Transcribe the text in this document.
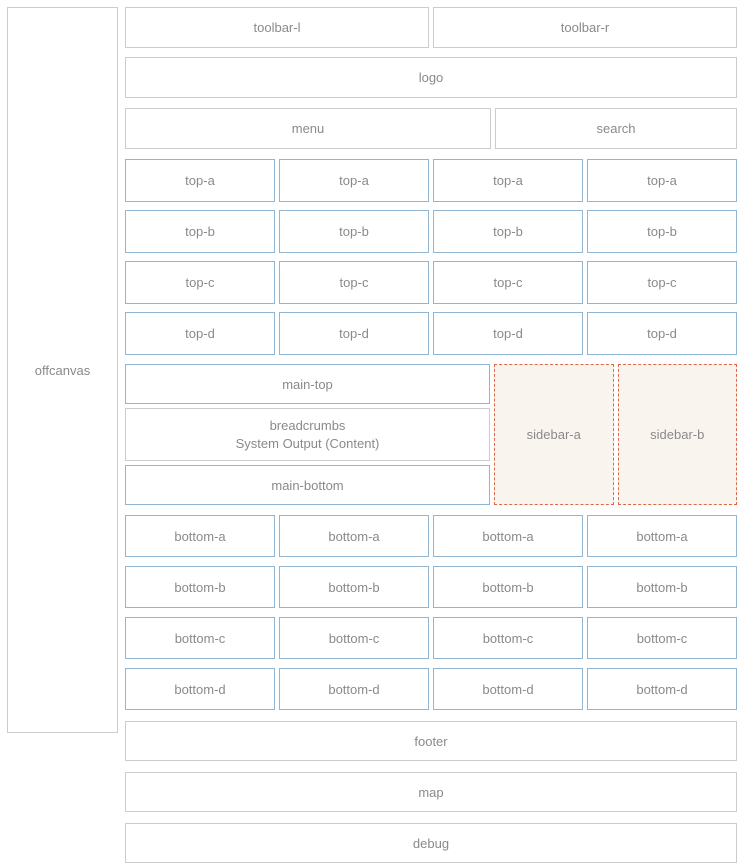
offcanvas
toolbar-l	toolbar-r
logo
menu	search
top-a	top-a	top-a	top-a
top-b	top-b	top-b	top-b
top-c	top-c	top-c	top-c
top-d	top-d	top-d	top-d
main-top
breadcrumbs
System Output (Content)
main-bottom
sidebar-a	sidebar-b
bottom-a	bottom-a	bottom-a	bottom-a
bottom-b	bottom-b	bottom-b	bottom-b
bottom-c	bottom-c	bottom-c	bottom-c
bottom-d	bottom-d	bottom-d	bottom-d
footer
map
debug
